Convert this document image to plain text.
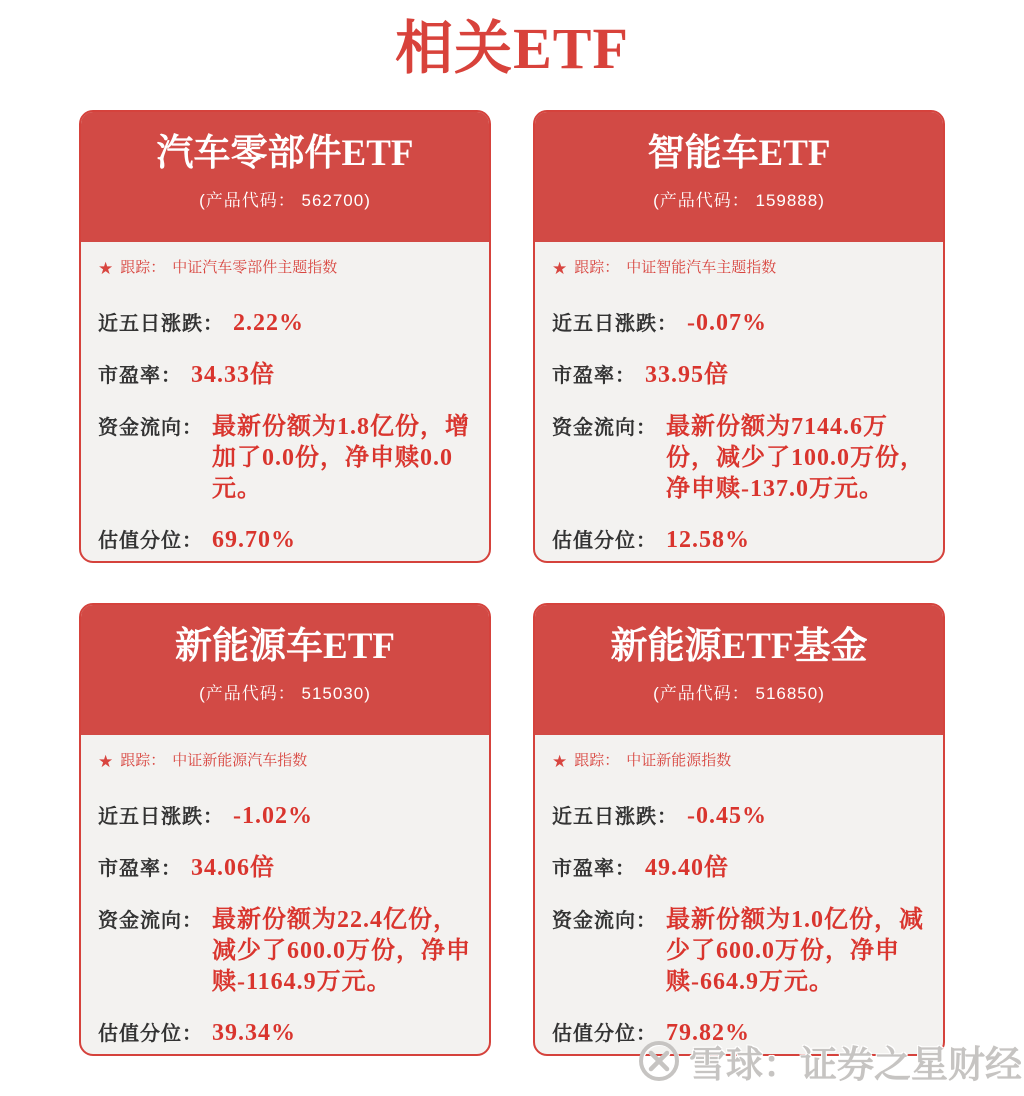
相关ETF
汽车零部件ETF
(产品代码： 562700)
★ 跟踪： 中证汽车零部件主题指数
近五日涨跌： 2.22%
市盈率： 34.33倍
资金流向： 最新份额为1.8亿份，增加了0.0份，净申赎0.0元。
估值分位： 69.70%
智能车ETF
(产品代码： 159888)
★ 跟踪： 中证智能汽车主题指数
近五日涨跌： -0.07%
市盈率： 33.95倍
资金流向： 最新份额为7144.6万份，减少了100.0万份，净申赎-137.0万元。
估值分位： 12.58%
新能源车ETF
(产品代码： 515030)
★ 跟踪： 中证新能源汽车指数
近五日涨跌： -1.02%
市盈率： 34.06倍
资金流向： 最新份额为22.4亿份，减少了600.0万份，净申赎-1164.9万元。
估值分位： 39.34%
新能源ETF基金
(产品代码： 516850)
★ 跟踪： 中证新能源指数
近五日涨跌： -0.45%
市盈率： 49.40倍
资金流向： 最新份额为1.0亿份，减少了600.0万份，净申赎-664.9万元。
估值分位： 79.82%
雪球：证券之星财经
